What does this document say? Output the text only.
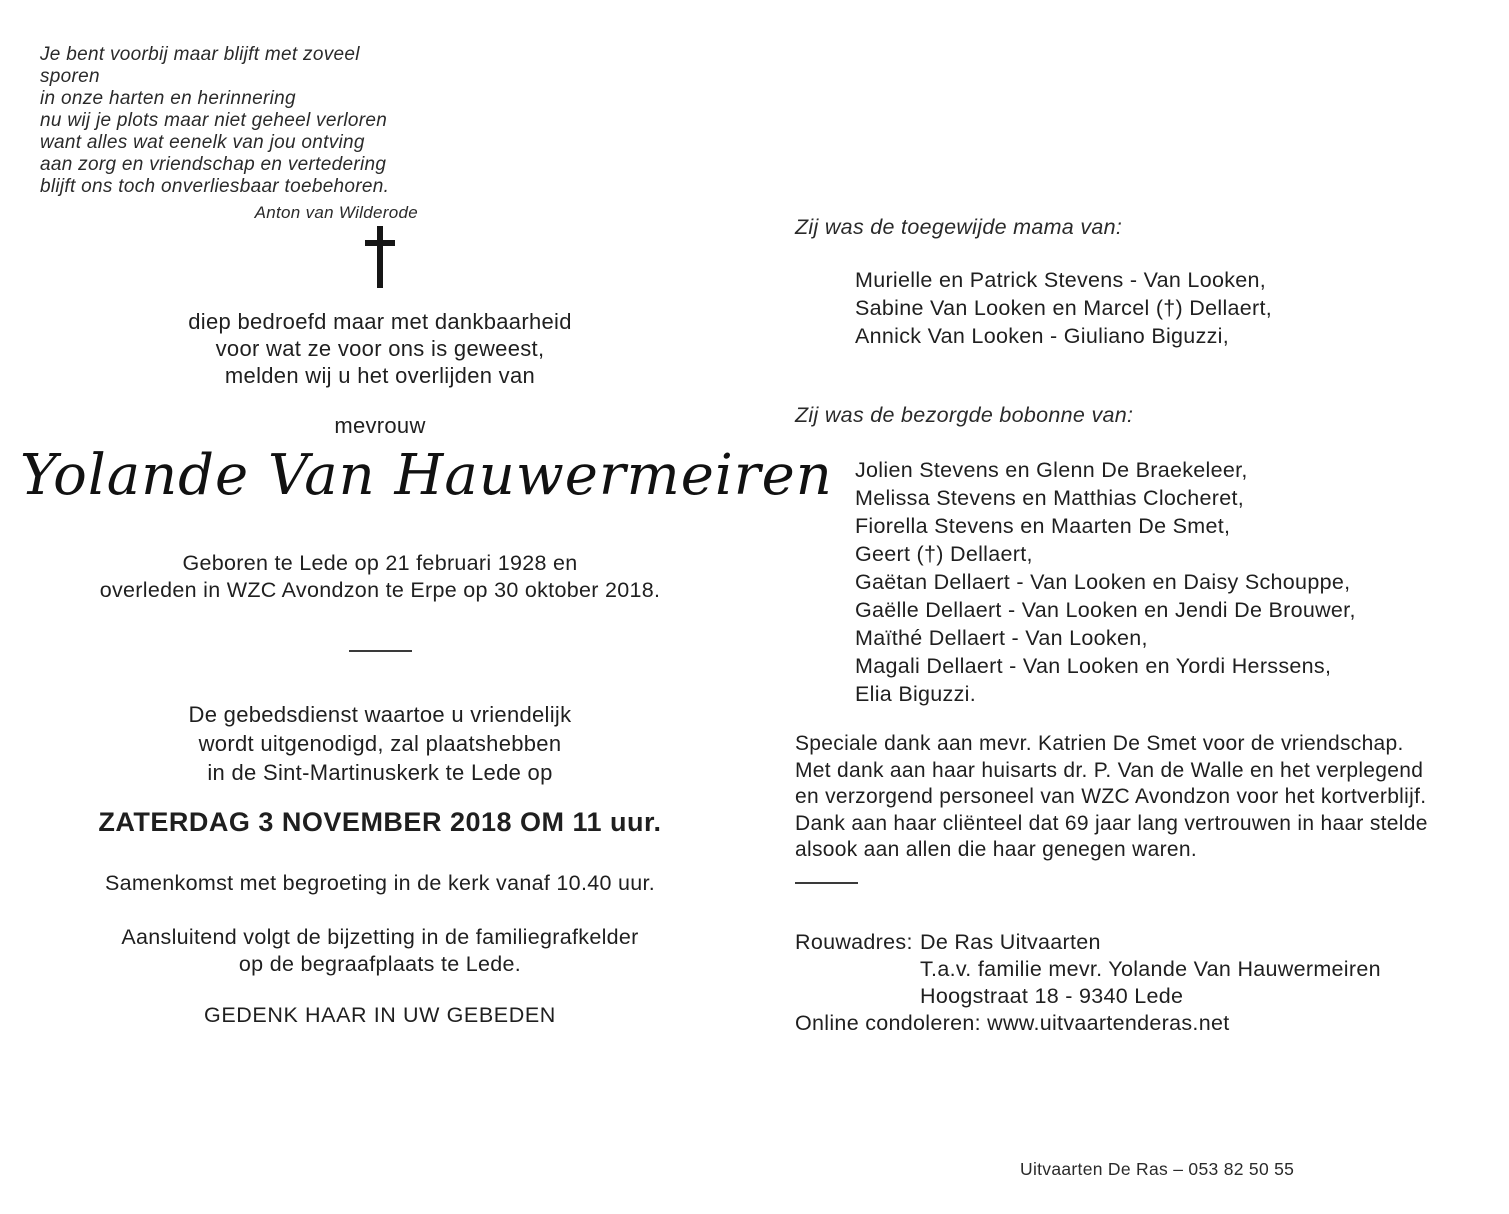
Je bent voorbij maar blijft met zoveel sporen
in onze harten en herinnering
nu wij je plots maar niet geheel verloren
want alles wat eenelk van jou ontving
aan zorg en vriendschap en vertedering
blijft ons toch onverliesbaar toebehoren.
Anton van Wilderode
diep bedroefd maar met dankbaarheid
voor wat ze voor ons is geweest,
melden wij u het overlijden van
mevrouw
Yolande Van Hauwermeiren
Geboren te Lede op 21 februari 1928 en
overleden in WZC Avondzon te Erpe op 30 oktober 2018.
De gebedsdienst waartoe u vriendelijk
wordt uitgenodigd, zal plaatshebben
in de Sint-Martinuskerk te Lede op
ZATERDAG 3 NOVEMBER 2018 OM 11 uur.
Samenkomst met begroeting in de kerk vanaf 10.40 uur.
Aansluitend volgt de bijzetting in de familiegrafkelder
op de begraafplaats te Lede.
GEDENK HAAR IN UW GEBEDEN
Zij was de toegewijde mama van:
Murielle en Patrick Stevens - Van Looken,
Sabine Van Looken en Marcel (†) Dellaert,
Annick Van Looken - Giuliano Biguzzi,
Zij was de bezorgde bobonne van:
Jolien Stevens en Glenn De Braekeleer,
Melissa Stevens en Matthias Clocheret,
Fiorella Stevens en Maarten De Smet,
Geert (†) Dellaert,
Gaëtan Dellaert - Van Looken en Daisy Schouppe,
Gaëlle Dellaert - Van Looken en Jendi De Brouwer,
Maïthé Dellaert - Van Looken,
Magali Dellaert - Van Looken en Yordi Herssens,
Elia Biguzzi.
Speciale dank aan mevr. Katrien De Smet voor de vriendschap.
Met dank aan haar huisarts dr. P. Van de Walle en het verplegend
en verzorgend personeel van WZC Avondzon voor het kortverblijf.
Dank aan haar cliënteel dat 69 jaar lang vertrouwen in haar stelde
alsook aan allen die haar genegen waren.
Rouwadres: De Ras Uitvaarten
T.a.v. familie mevr. Yolande Van Hauwermeiren
Hoogstraat 18 - 9340 Lede
Online condoleren: www.uitvaartenderas.net
Uitvaarten De Ras – 053 82 50 55
